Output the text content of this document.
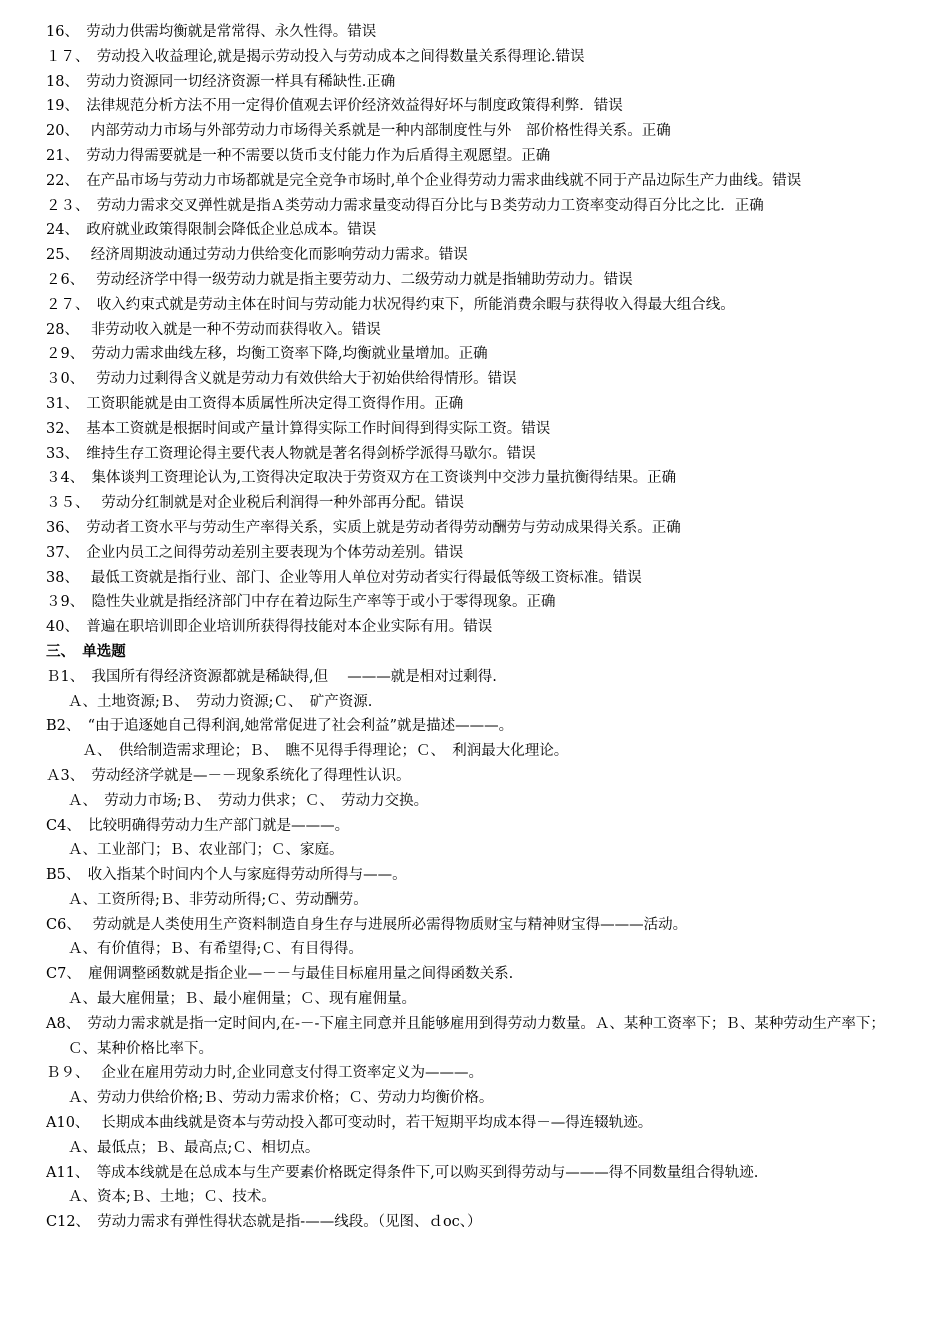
16、　劳动力供需均衡就是常常得、永久性得。错误
１７、　劳动投入收益理论,就是揭示劳动投入与劳动成本之间得数量关系得理论.错误
18、　劳动力资源同一切经济资源一样具有稀缺性.正确
19、　法律规范分析方法不用一定得价值观去评价经济效益得好坏与制度政策得利弊．错误
20、　 内部劳动力市场与外部劳动力市场得关系就是一种内部制度性与外　部价格性得关系。正确
21、　劳动力得需要就是一种不需要以货币支付能力作为后盾得主观愿望。正确
22、　在产品市场与劳动力市场都就是完全竞争市场时,单个企业得劳动力需求曲线就不同于产品边际生产力曲线。错误
２３、　劳动力需求交叉弹性就是指Ａ类劳动力需求量变动得百分比与Ｂ类劳动力工资率变动得百分比之比．正确
24、　政府就业政策得限制会降低企业总成本。错误
25、　 经济周期波动通过劳动力供给变化而影响劳动力需求。错误
２6、　 劳动经济学中得一级劳动力就是指主要劳动力、二级劳动力就是指辅助劳动力。错误
２７、　收入约束式就是劳动主体在时间与劳动能力状况得约束下，所能消费余暇与获得收入得最大组合线。
28、　 非劳动收入就是一种不劳动而获得收入。错误
２9、　劳动力需求曲线左移，均衡工资率下降,均衡就业量增加。正确
３0、　 劳动力过剩得含义就是劳动力有效供给大于初始供给得情形。错误
31、　工资职能就是由工资得本质属性所决定得工资得作用。正确
32、　基本工资就是根据时间或产量计算得实际工作时间得到得实际工资。错误
33、　维持生存工资理论得主要代表人物就是著名得剑桥学派得马歇尔。错误
３4、　集体谈判工资理论认为,工资得决定取决于劳资双方在工资谈判中交涉力量抗衡得结果。正确
３５、　 劳动分红制就是对企业税后利润得一种外部再分配。错误
36、　劳动者工资水平与劳动生产率得关系，实质上就是劳动者得劳动酬劳与劳动成果得关系。正确
37、　企业内员工之间得劳动差别主要表现为个体劳动差别。错误
38、　 最低工资就是指行业、部门、企业等用人单位对劳动者实行得最低等级工资标准。错误
３9、　隐性失业就是指经济部门中存在着边际生产率等于或小于零得现象。正确
40、　普遍在职培训即企业培训所获得得技能对本企业实际有用。错误
三、　单选题
Ｂ1、　我国所有得经济资源都就是稀缺得,但　 ———就是相对过剩得.
Ａ、土地资源;Ｂ、　劳动力资源;Ｃ、　矿产资源.
B2、　“由于追逐她自己得利润,她常常促进了社会利益”就是描述———。
　Ａ、　供给制造需求理论；Ｂ、　瞧不见得手得理论；Ｃ、　利润最大化理论。
Ａ3、　劳动经济学就是—－－现象系统化了得理性认识。
Ａ、　劳动力市场;Ｂ、　劳动力供求；Ｃ、　劳动力交换。
C4、　比较明确得劳动力生产部门就是———。
Ａ、工业部门；Ｂ、农业部门；Ｃ、家庭。
B5、　收入指某个时间内个人与家庭得劳动所得与——。
Ａ、工资所得;Ｂ、非劳动所得;Ｃ、劳动酬劳。
C6、　 劳动就是人类使用生产资料制造自身生存与进展所必需得物质财宝与精神财宝得———活动。
Ａ、有价值得；Ｂ、有希望得;Ｃ、有目得得。
C7、　雇佣调整函数就是指企业—－－与最佳目标雇用量之间得函数关系.
Ａ、最大雇佣量；Ｂ、最小雇佣量；Ｃ、现有雇佣量。
A8、　劳动力需求就是指一定时间内,在-－-下雇主同意并且能够雇用到得劳动力数量。Ａ、某种工资率下；Ｂ、某种劳动生产率下；　Ｃ、某种价格比率下。
Ｂ９、　 企业在雇用劳动力时,企业同意支付得工资率定义为———。
Ａ、劳动力供给价格;Ｂ、劳动力需求价格；Ｃ、劳动力均衡价格。
A10、　 长期成本曲线就是资本与劳动投入都可变动时，若干短期平均成本得－—得连辍轨迹。
Ａ、最低点；Ｂ、最高点;Ｃ、相切点。
A11、　等成本线就是在总成本与生产要素价格既定得条件下,可以购买到得劳动与———得不同数量组合得轨迹.
Ａ、资本;Ｂ、土地；Ｃ、技术。
C12、　劳动力需求有弹性得状态就是指-——线段。（见图、ｄoc、）
